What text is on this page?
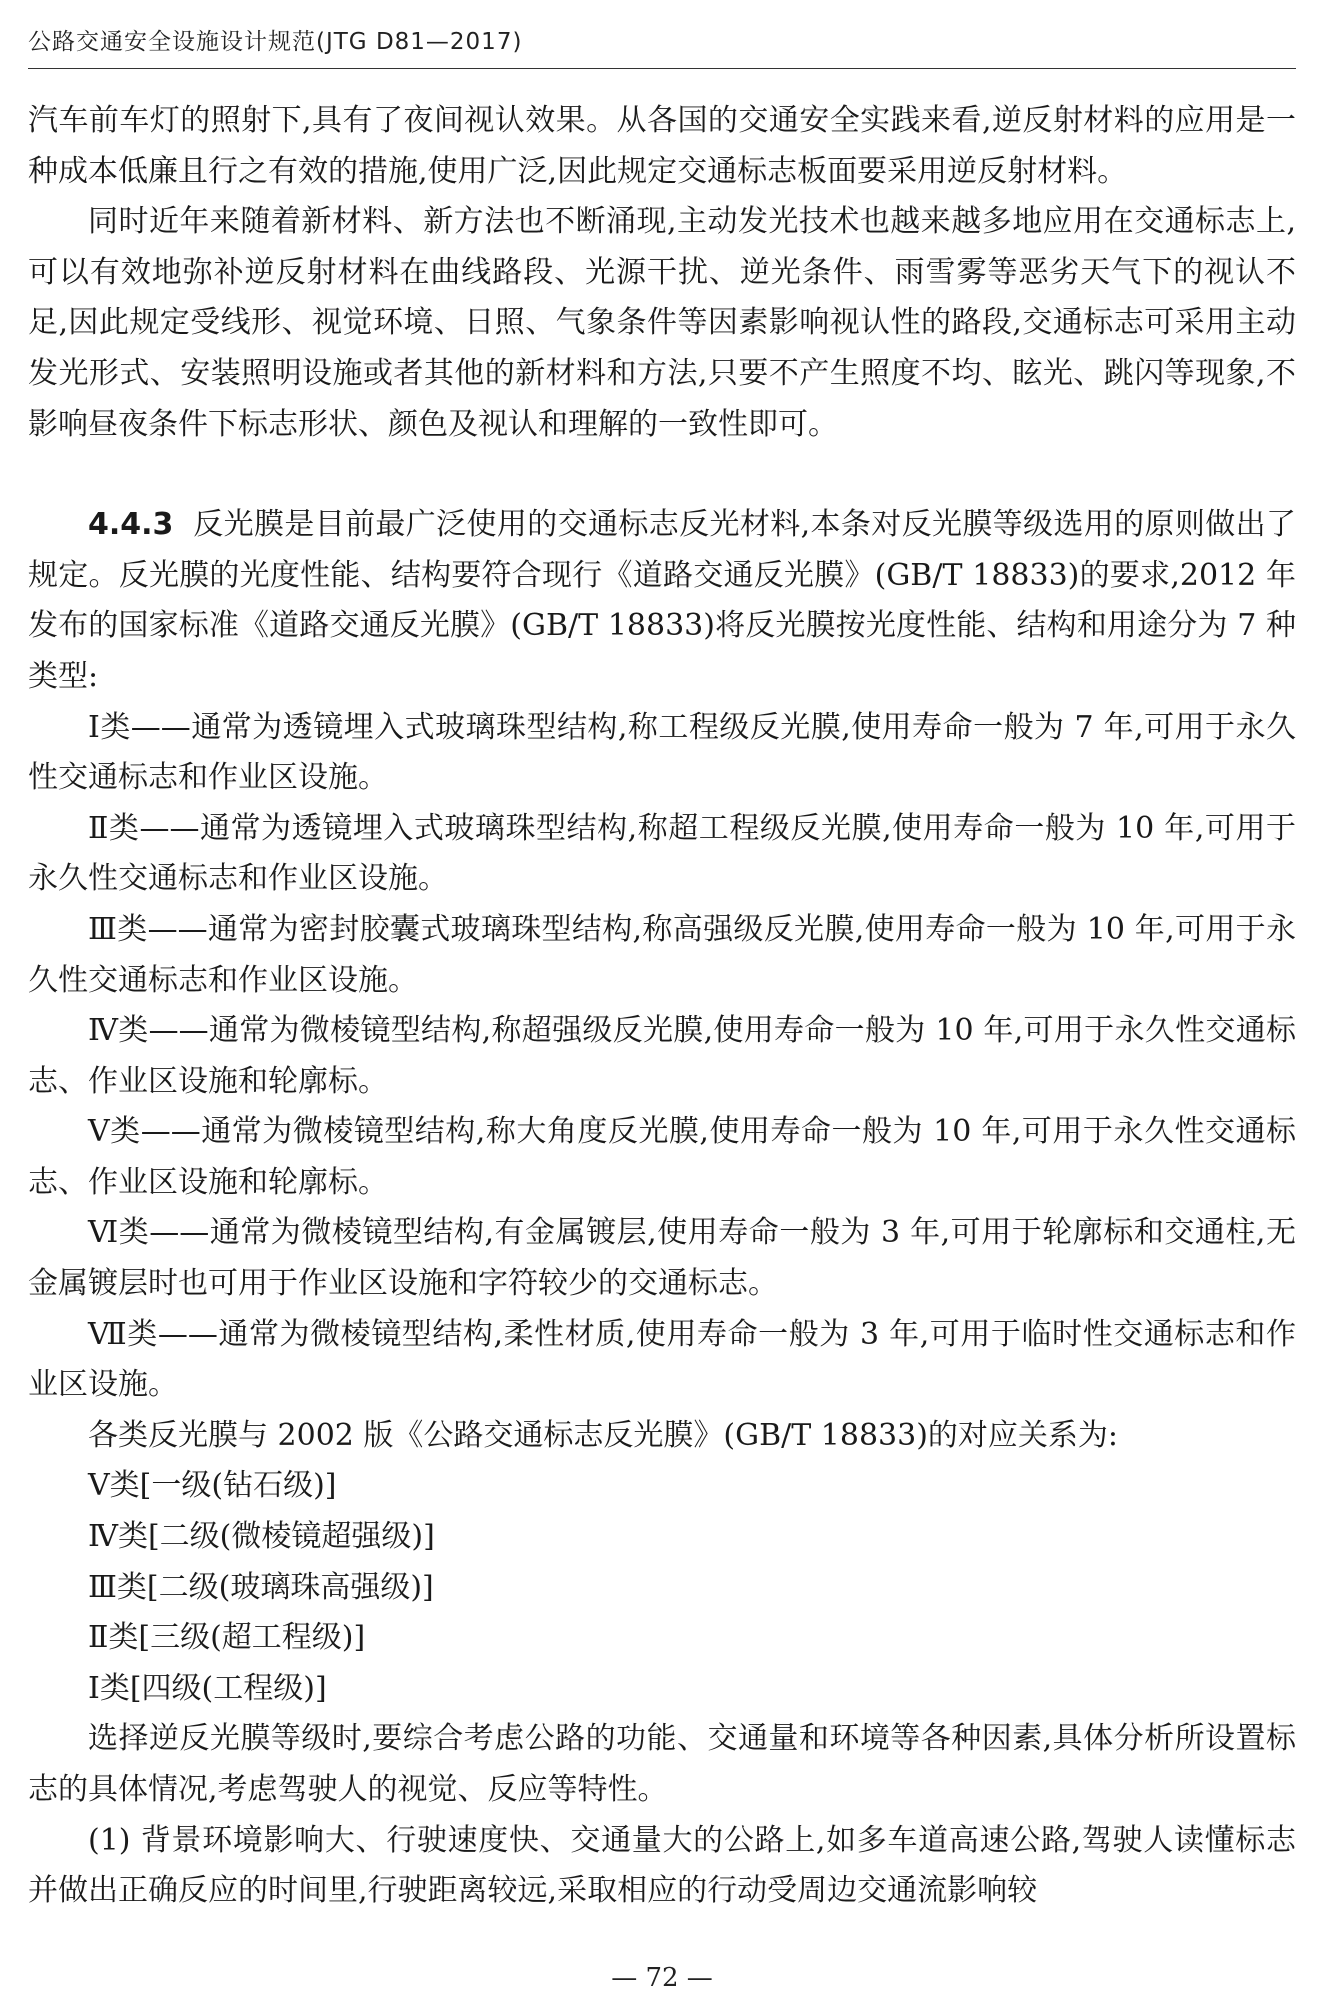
公路交通安全设施设计规范(JTG D81—2017)

汽车前车灯的照射下,具有了夜间视认效果。从各国的交通安全实践来看,逆反射材料的应用是一种成本低廉且行之有效的措施,使用广泛,因此规定交通标志板面要采用逆反射材料。

同时近年来随着新材料、新方法也不断涌现,主动发光技术也越来越多地应用在交通标志上,可以有效地弥补逆反射材料在曲线路段、光源干扰、逆光条件、雨雪雾等恶劣天气下的视认不足,因此规定受线形、视觉环境、日照、气象条件等因素影响视认性的路段,交通标志可采用主动发光形式、安装照明设施或者其他的新材料和方法,只要不产生照度不均、眩光、跳闪等现象,不影响昼夜条件下标志形状、颜色及视认和理解的一致性即可。

4.4.3 反光膜是目前最广泛使用的交通标志反光材料,本条对反光膜等级选用的原则做出了规定。反光膜的光度性能、结构要符合现行《道路交通反光膜》(GB/T 18833)的要求,2012 年发布的国家标准《道路交通反光膜》(GB/T 18833)将反光膜按光度性能、结构和用途分为 7 种类型:

Ⅰ类——通常为透镜埋入式玻璃珠型结构,称工程级反光膜,使用寿命一般为 7 年,可用于永久性交通标志和作业区设施。

Ⅱ类——通常为透镜埋入式玻璃珠型结构,称超工程级反光膜,使用寿命一般为 10 年,可用于永久性交通标志和作业区设施。

Ⅲ类——通常为密封胶囊式玻璃珠型结构,称高强级反光膜,使用寿命一般为 10 年,可用于永久性交通标志和作业区设施。

Ⅳ类——通常为微棱镜型结构,称超强级反光膜,使用寿命一般为 10 年,可用于永久性交通标志、作业区设施和轮廓标。

Ⅴ类——通常为微棱镜型结构,称大角度反光膜,使用寿命一般为 10 年,可用于永久性交通标志、作业区设施和轮廓标。

Ⅵ类——通常为微棱镜型结构,有金属镀层,使用寿命一般为 3 年,可用于轮廓标和交通柱,无金属镀层时也可用于作业区设施和字符较少的交通标志。

Ⅶ类——通常为微棱镜型结构,柔性材质,使用寿命一般为 3 年,可用于临时性交通标志和作业区设施。

各类反光膜与 2002 版《公路交通标志反光膜》(GB/T 18833)的对应关系为:

Ⅴ类[一级(钻石级)]

Ⅳ类[二级(微棱镜超强级)]

Ⅲ类[二级(玻璃珠高强级)]

Ⅱ类[三级(超工程级)]

Ⅰ类[四级(工程级)]

选择逆反光膜等级时,要综合考虑公路的功能、交通量和环境等各种因素,具体分析所设置标志的具体情况,考虑驾驶人的视觉、反应等特性。

(1) 背景环境影响大、行驶速度快、交通量大的公路上,如多车道高速公路,驾驶人读懂标志并做出正确反应的时间里,行驶距离较远,采取相应的行动受周边交通流影响较

— 72 —
